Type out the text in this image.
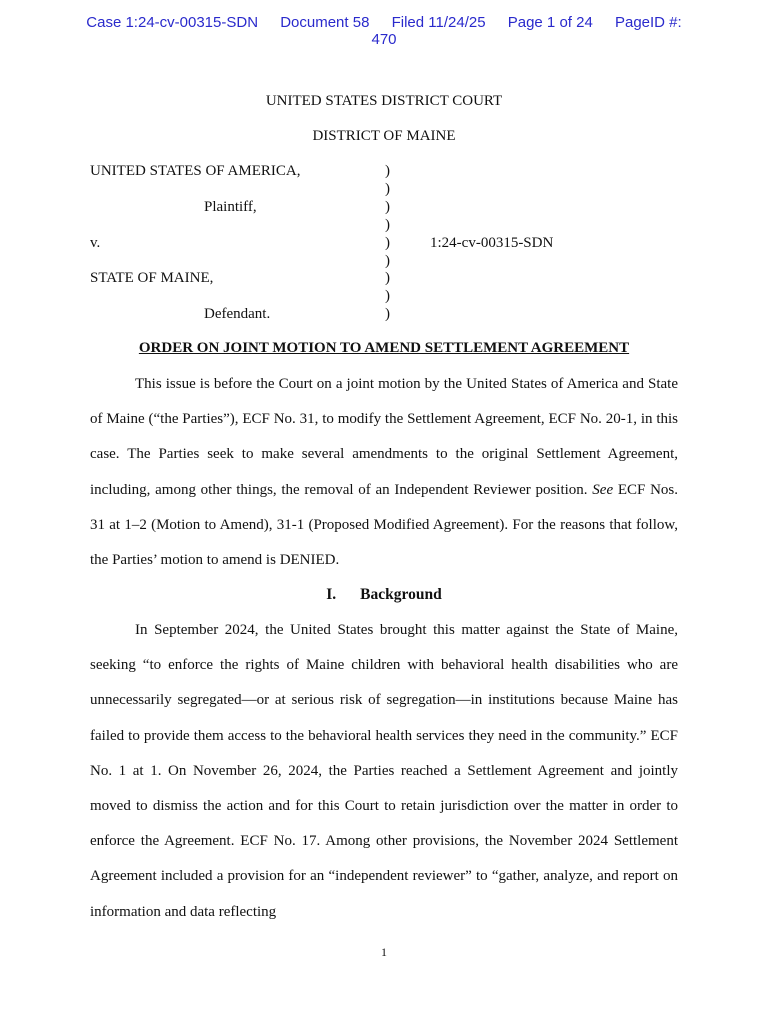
Case 1:24-cv-00315-SDN Document 58 Filed 11/24/25 Page 1 of 24 PageID #:
470
UNITED STATES DISTRICT COURT
DISTRICT OF MAINE
UNITED STATES OF AMERICA,	)
)
Plaintiff,	)
)
v.	)	1:24-cv-00315-SDN
)
STATE OF MAINE,	)
)
Defendant.	)
ORDER ON JOINT MOTION TO AMEND SETTLEMENT AGREEMENT

This issue is before the Court on a joint motion by the United States of America and State of Maine (“the Parties”), ECF No. 31, to modify the Settlement Agreement, ECF No. 20-1, in this case. The Parties seek to make several amendments to the original Settlement Agreement, including, among other things, the removal of an Independent Reviewer position. See ECF Nos. 31 at 1–2 (Motion to Amend), 31-1 (Proposed Modified Agreement). For the reasons that follow, the Parties’ motion to amend is DENIED.

I. Background

In September 2024, the United States brought this matter against the State of Maine, seeking “to enforce the rights of Maine children with behavioral health disabilities who are unnecessarily segregated—or at serious risk of segregation—in institutions because Maine has failed to provide them access to the behavioral health services they need in the community.” ECF No. 1 at 1. On November 26, 2024, the Parties reached a Settlement Agreement and jointly moved to dismiss the action and for this Court to retain jurisdiction over the matter in order to enforce the Agreement. ECF No. 17. Among other provisions, the November 2024 Settlement Agreement included a provision for an “independent reviewer” to “gather, analyze, and report on information and data reflecting

1
